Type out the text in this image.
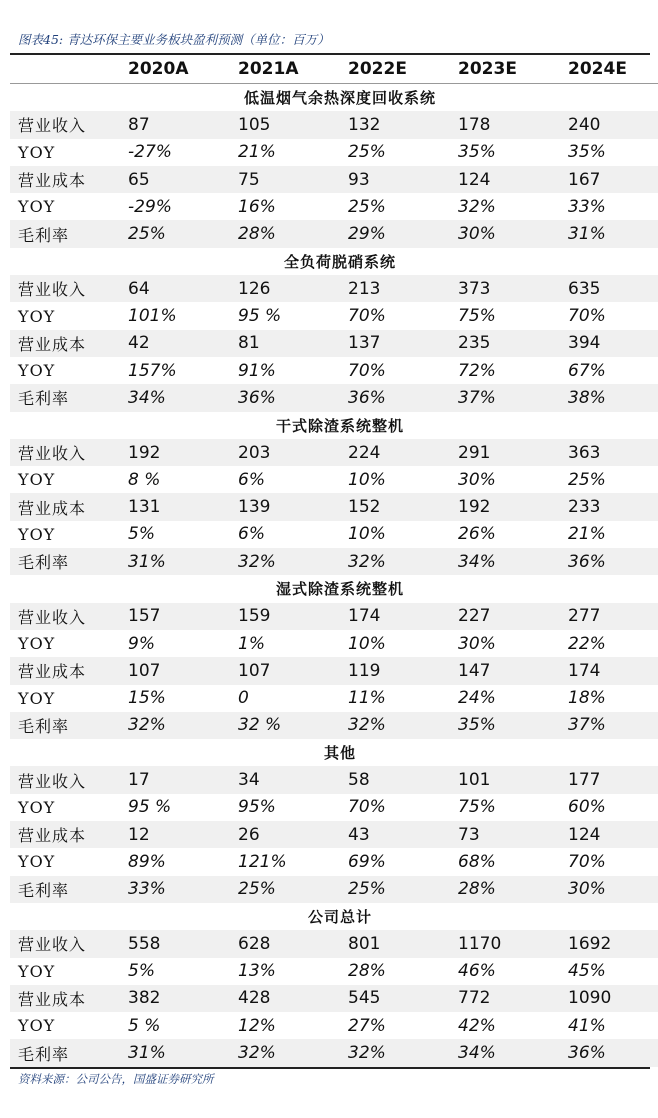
图表45: 青达环保主要业务板块盈利预测（单位：百万）
	2020A	2021A	2022E	2023E	2024E
低温烟气余热深度回收系统					
营业收入	87	105	132	178	240
YOY	-27%	21%	25%	35%	35%
营业成本	65	75	93	124	167
YOY	-29%	16%	25%	32%	33%
毛利率	25%	28%	29%	30%	31%
全负荷脱硝系统					
营业收入	64	126	213	373	635
YOY	101%	95 %	70%	75%	70%
营业成本	42	81	137	235	394
YOY	157%	91%	70%	72%	67%
毛利率	34%	36%	36%	37%	38%
干式除渣系统整机					
营业收入	192	203	224	291	363
YOY	8 %	6%	10%	30%	25%
营业成本	131	139	152	192	233
YOY	5%	6%	10%	26%	21%
毛利率	31%	32%	32%	34%	36%
湿式除渣系统整机					
营业收入	157	159	174	227	277
YOY	9%	1%	10%	30%	22%
营业成本	107	107	119	147	174
YOY	15%	0	11%	24%	18%
毛利率	32%	32 %	32%	35%	37%
其他					
营业收入	17	34	58	101	177
YOY	95 %	95%	70%	75%	60%
营业成本	12	26	43	73	124
YOY	89%	121%	69%	68%	70%
毛利率	33%	25%	25%	28%	30%
公司总计					
营业收入	558	628	801	1170	1692
YOY	5%	13%	28%	46%	45%
营业成本	382	428	545	772	1090
YOY	5 %	12%	27%	42%	41%
毛利率	31%	32%	32%	34%	36%
资料来源：公司公告，国盛证券研究所
